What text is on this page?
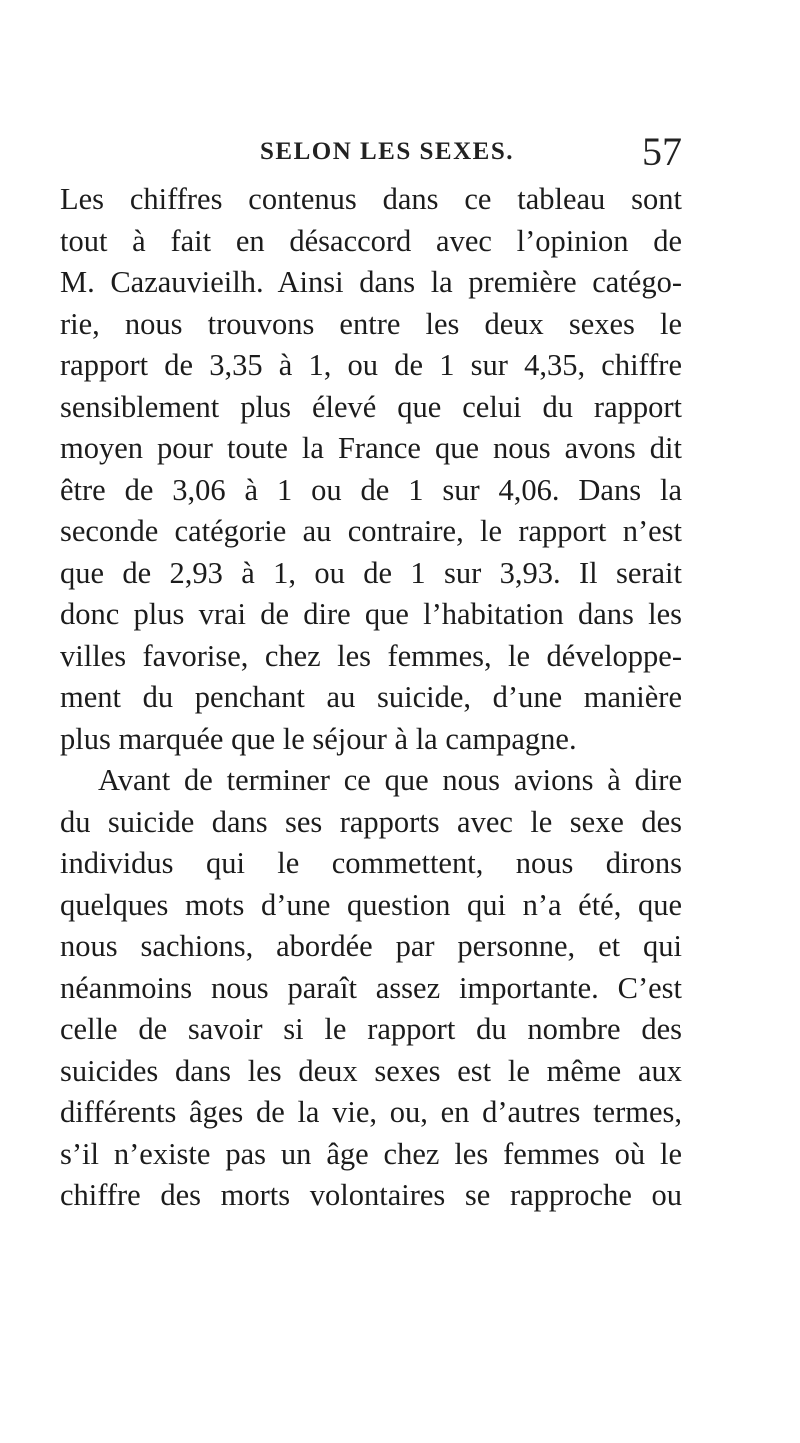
SELON LES SEXES.	57
Les chiffres contenus dans ce tableau sont
tout à fait en désaccord avec l’opinion de
M. Cazauvieilh. Ainsi dans la première catégo-
rie, nous trouvons entre les deux sexes le
rapport de 3,35 à 1, ou de 1 sur 4,35, chiffre
sensiblement plus élevé que celui du rapport
moyen pour toute la France que nous avons dit
être de 3,06 à 1 ou de 1 sur 4,06. Dans la
seconde catégorie au contraire, le rapport n’est
que de 2,93 à 1, ou de 1 sur 3,93. Il serait
donc plus vrai de dire que l’habitation dans les
villes favorise, chez les femmes, le développe-
ment du penchant au suicide, d’une manière
plus marquée que le séjour à la campagne.
Avant de terminer ce que nous avions à dire
du suicide dans ses rapports avec le sexe des
individus qui le commettent, nous dirons
quelques mots d’une question qui n’a été, que
nous sachions, abordée par personne, et qui
néanmoins nous paraît assez importante. C’est
celle de savoir si le rapport du nombre des
suicides dans les deux sexes est le même aux
différents âges de la vie, ou, en d’autres termes,
s’il n’existe pas un âge chez les femmes où le
chiffre des morts volontaires se rapproche ou
